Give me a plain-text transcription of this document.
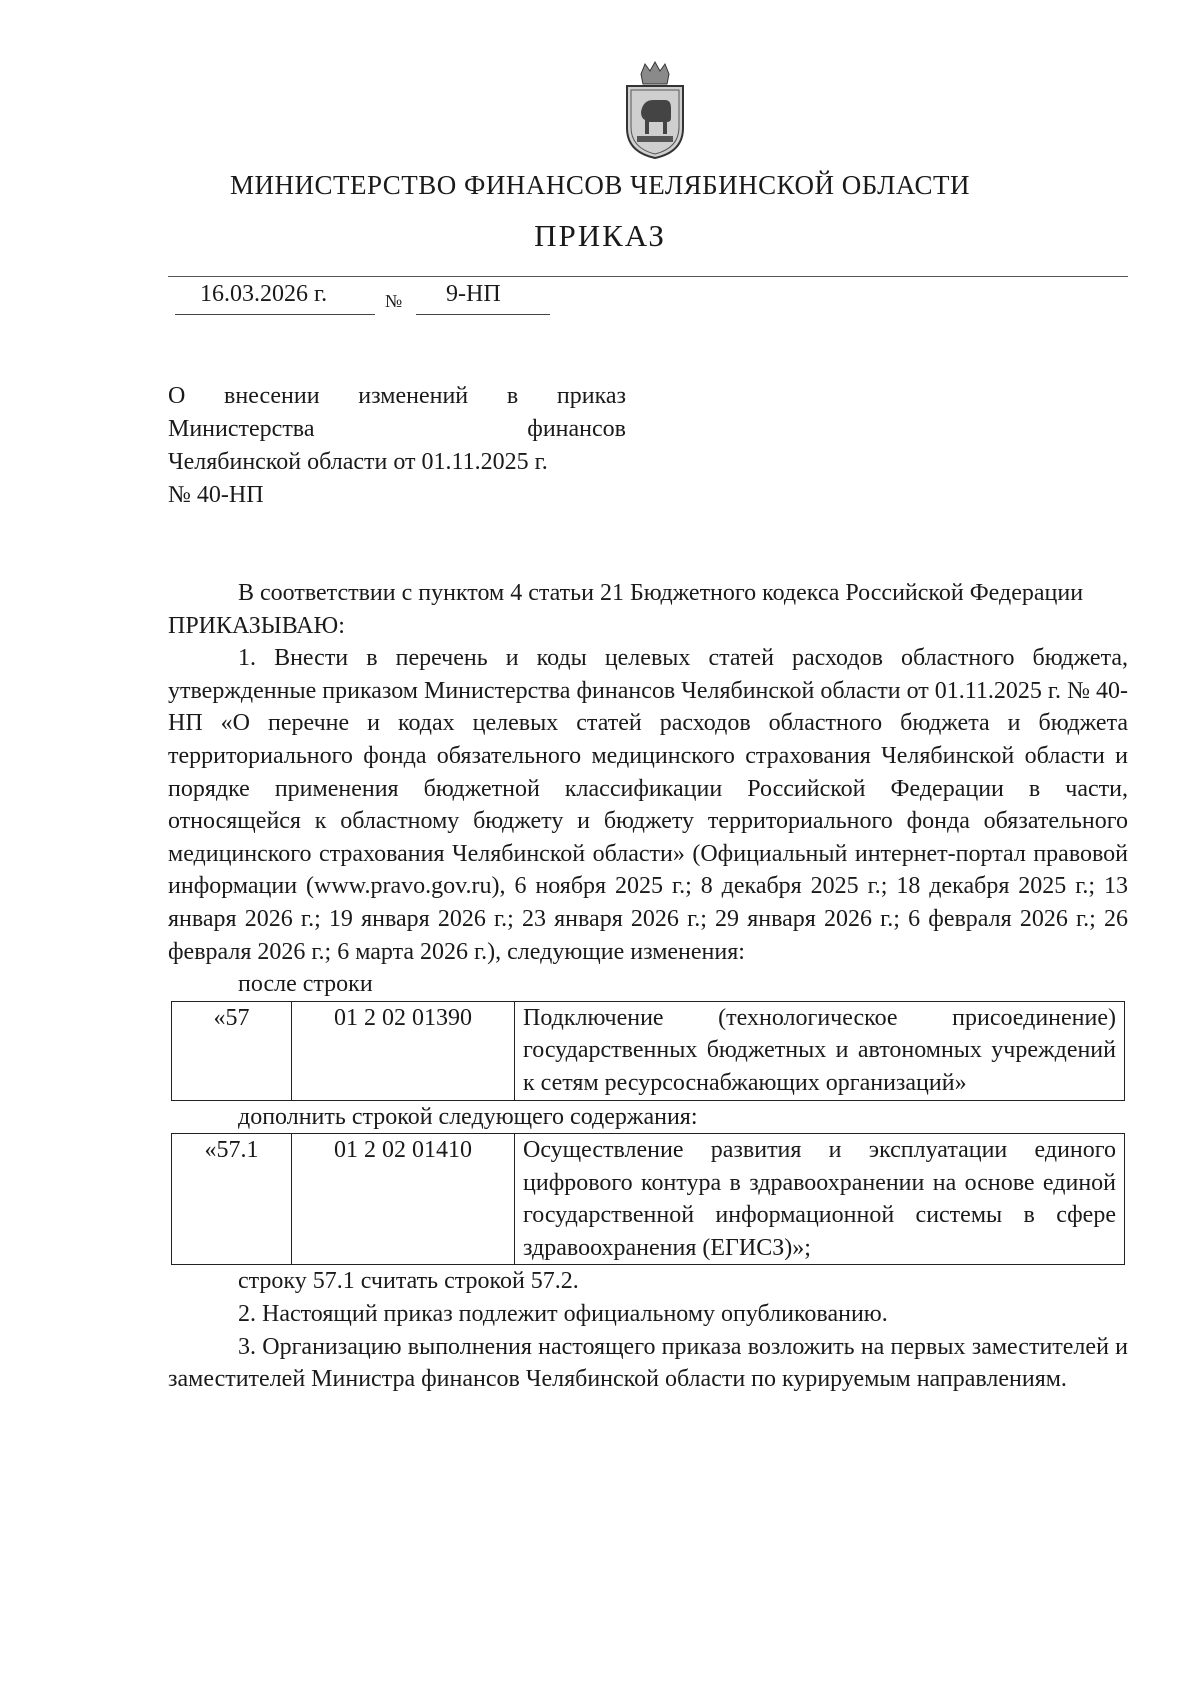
МИНИСТЕРСТВО ФИНАНСОВ ЧЕЛЯБИНСКОЙ ОБЛАСТИ
ПРИКАЗ
16.03.2026 г.	№ 9-НП
О внесении изменений в приказ
Министерства финансов
Челябинской области от 01.11.2025 г.
№ 40-НП

В соответствии с пунктом 4 статьи 21 Бюджетного кодекса Российской Федерации

ПРИКАЗЫВАЮ:

1. Внести в перечень и коды целевых статей расходов областного бюджета, утвержденные приказом Министерства финансов Челябинской области от 01.11.2025 г. № 40-НП «О перечне и кодах целевых статей расходов областного бюджета и бюджета территориального фонда обязательного медицинского страхования Челябинской области и порядке применения бюджетной классификации Российской Федерации в части, относящейся к областному бюджету и бюджету территориального фонда обязательного медицинского страхования Челябинской области» (Официальный интернет-портал правовой информации (www.pravo.gov.ru), 6 ноября 2025 г.; 8 декабря 2025 г.; 18 декабря 2025 г.; 13 января 2026 г.; 19 января 2026 г.; 23 января 2026 г.; 29 января 2026 г.; 6 февраля 2026 г.; 26 февраля 2026 г.; 6 марта 2026 г.), следующие изменения:

после строки

«57	01 2 02 01390	Подключение (технологическое присоединение) государственных бюджетных и автономных учреждений к сетям ресурсоснабжающих организаций»

дополнить строкой следующего содержания:

«57.1	01 2 02 01410	Осуществление развития и эксплуатации единого цифрового контура в здравоохранении на основе единой государственной информационной системы в сфере здравоохранения (ЕГИСЗ)»;

строку 57.1 считать строкой 57.2.

2. Настоящий приказ подлежит официальному опубликованию.

3. Организацию выполнения настоящего приказа возложить на первых заместителей и заместителей Министра финансов Челябинской области по курируемым направлениям.
